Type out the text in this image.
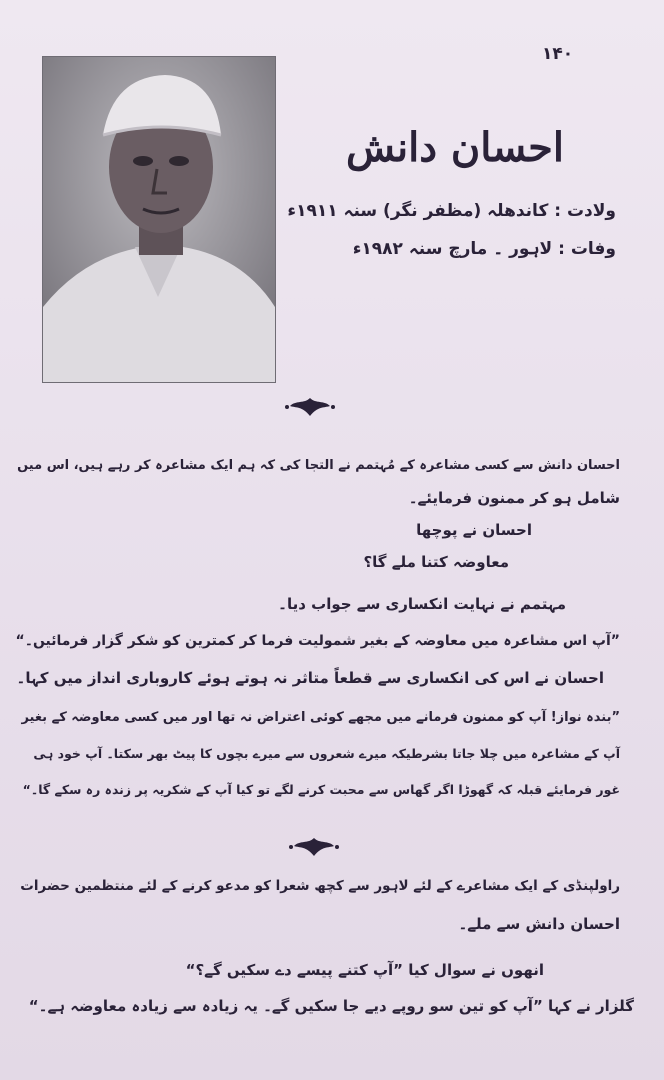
١۴٠
احسان دانش
ولادت : کاندھلہ (مظفر نگر) سنہ ۱۹۱۱ء
وفات : لاہور ۔ مارچ سنہ ۱۹۸۲ء
احسان دانش سے کسی مشاعرہ کے مُہتمم نے التجا کی کہ ہم ایک مشاعرہ کر رہے ہیں، اس میں
شامل ہو کر ممنون فرمایئے۔
احسان نے پوچھا
معاوضہ کتنا ملے گا؟
مہتمم نے نہایت انکساری سے جواب دیا۔
”آپ اس مشاعرہ میں معاوضہ کے بغیر شمولیت فرما کر کمترین کو شکر گزار فرمائیں۔“
احسان نے اس کی انکساری سے قطعاً متاثر نہ ہوتے ہوئے کاروباری انداز میں کہا۔
”بندہ نواز! آپ کو ممنون فرمانے میں مجھے کوئی اعتراض نہ تھا اور میں کسی معاوضہ کے بغیر
آپ کے مشاعرہ میں چلا جاتا بشرطیکہ میرے شعروں سے میرے بچوں کا پیٹ بھر سکتا۔ آپ خود ہی
غور فرمایئے قبلہ کہ گھوڑا اگر گھاس سے محبت کرنے لگے تو کیا آپ کے شکریہ پر زندہ رہ سکے گا۔“
راولپنڈی کے ایک مشاعرے کے لئے لاہور سے کچھ شعرا کو مدعو کرنے کے لئے منتظمین حضرات
احسان دانش سے ملے۔
انھوں نے سوال کیا ”آپ کتنے پیسے دے سکیں گے؟“
گلزار نے کہا ”آپ کو تین سو روپے دیے جا سکیں گے۔ یہ زیادہ سے زیادہ معاوضہ ہے۔“
